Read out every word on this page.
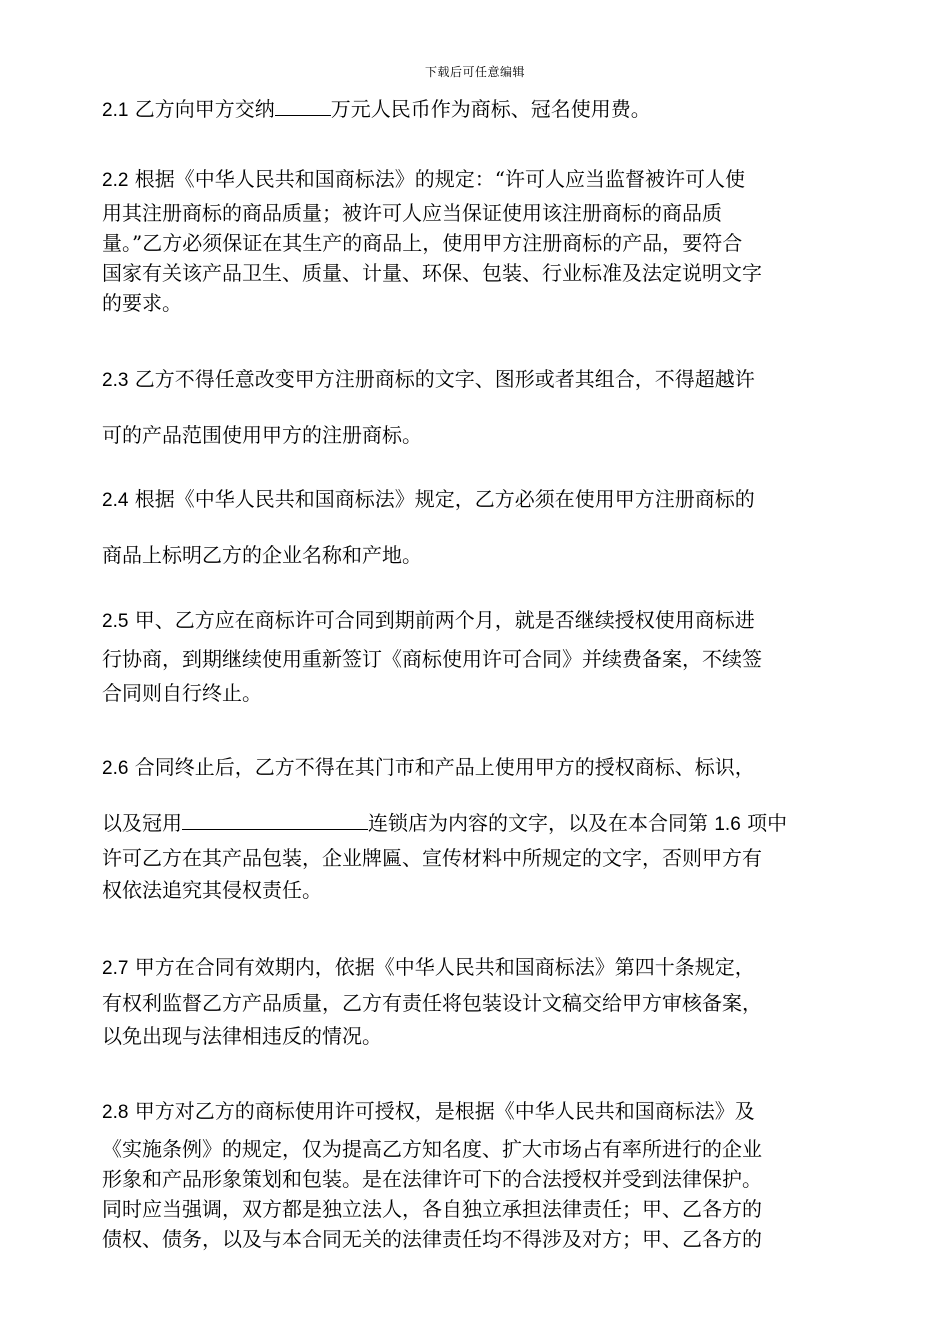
下载后可任意编辑
2.1 乙方向甲方交纳	万元人民币作为商标、冠名使用费。
2.2 根据《中华人民共和国商标法》的规定：“许可人应当监督被许可人使
用其注册商标的商品质量；被许可人应当保证使用该注册商标的商品质
量。”乙方必须保证在其生产的商品上，使用甲方注册商标的产品，要符合
国家有关该产品卫生、质量、计量、环保、包装、行业标准及法定说明文字
的要求。
2.3 乙方不得任意改变甲方注册商标的文字、图形或者其组合，不得超越许
可的产品范围使用甲方的注册商标。
2.4 根据《中华人民共和国商标法》规定，乙方必须在使用甲方注册商标的
商品上标明乙方的企业名称和产地。
2.5 甲、乙方应在商标许可合同到期前两个月，就是否继续授权使用商标进
行协商，到期继续使用重新签订《商标使用许可合同》并续费备案，不续签
合同则自行终止。
2.6 合同终止后，乙方不得在其门市和产品上使用甲方的授权商标、标识，
以及冠用	连锁店为内容的文字，以及在本合同第 1.6 项中
许可乙方在其产品包装，企业牌匾、宣传材料中所规定的文字，否则甲方有
权依法追究其侵权责任。
2.7 甲方在合同有效期内，依据《中华人民共和国商标法》第四十条规定，
有权利监督乙方产品质量，乙方有责任将包装设计文稿交给甲方审核备案，
以免出现与法律相违反的情况。
2.8 甲方对乙方的商标使用许可授权，是根据《中华人民共和国商标法》及
《实施条例》的规定，仅为提高乙方知名度、扩大市场占有率所进行的企业
形象和产品形象策划和包装。是在法律许可下的合法授权并受到法律保护。
同时应当强调，双方都是独立法人，各自独立承担法律责任；甲、乙各方的
债权、债务，以及与本合同无关的法律责任均不得涉及对方；甲、乙各方的
